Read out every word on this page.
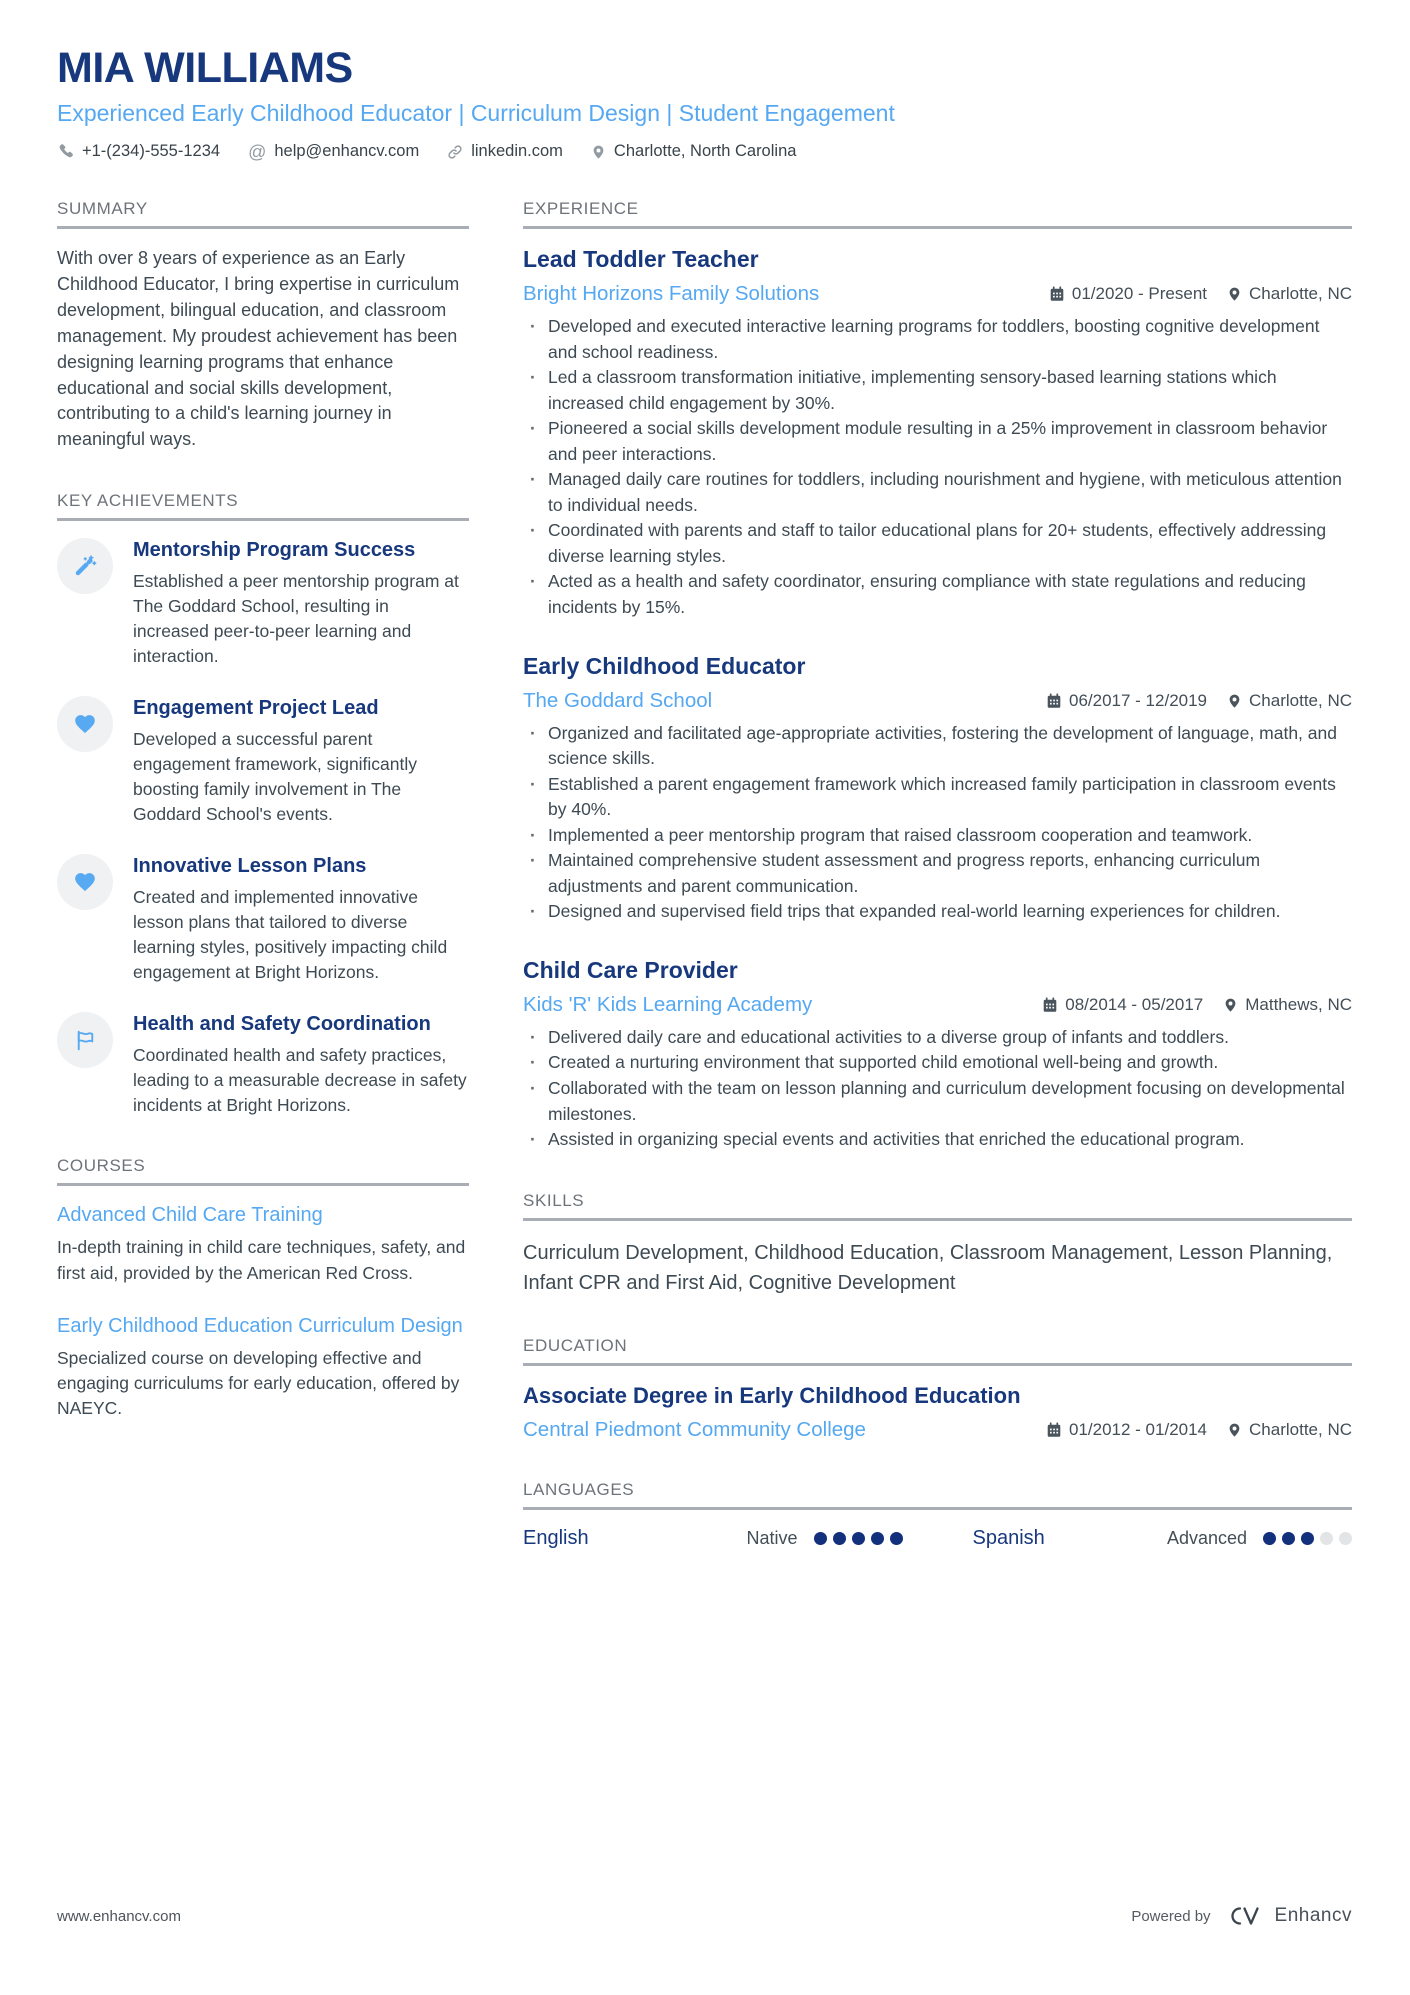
MIA WILLIAMS
Experienced Early Childhood Educator | Curriculum Design | Student Engagement
+1-(234)-555-1234 @ help@enhancv.com	linkedin.com	Charlotte, North Carolina
SUMMARY

With over 8 years of experience as an Early Childhood Educator, I bring expertise in curriculum development, bilingual education, and classroom management. My proudest achievement has been designing learning programs that enhance educational and social skills development, contributing to a child's learning journey in meaningful ways.

KEY ACHIEVEMENTS
Mentorship Program Success
Established a peer mentorship program at The Goddard School, resulting in increased peer-to-peer learning and interaction.
Engagement Project Lead
Developed a successful parent engagement framework, significantly boosting family involvement in The Goddard School's events.
Innovative Lesson Plans
Created and implemented innovative lesson plans that tailored to diverse learning styles, positively impacting child engagement at Bright Horizons.
Health and Safety Coordination
Coordinated health and safety practices, leading to a measurable decrease in safety incidents at Bright Horizons.
COURSES
Advanced Child Care Training
In-depth training in child care techniques, safety, and first aid, provided by the American Red Cross.
Early Childhood Education Curriculum Design
Specialized course on developing effective and engaging curriculums for early education, offered by NAEYC.
EXPERIENCE
Lead Toddler Teacher
Bright Horizons Family Solutions	01/2020 - Present Charlotte, NC
· Developed and executed interactive learning programs for toddlers, boosting cognitive development and school readiness.
· Led a classroom transformation initiative, implementing sensory-based learning stations which increased child engagement by 30%.
· Pioneered a social skills development module resulting in a 25% improvement in classroom behavior and peer interactions.
· Managed daily care routines for toddlers, including nourishment and hygiene, with meticulous attention to individual needs.
· Coordinated with parents and staff to tailor educational plans for 20+ students, effectively addressing diverse learning styles.
· Acted as a health and safety coordinator, ensuring compliance with state regulations and reducing incidents by 15%.
Early Childhood Educator
The Goddard School	06/2017 - 12/2019 Charlotte, NC
· Organized and facilitated age-appropriate activities, fostering the development of language, math, and science skills.
· Established a parent engagement framework which increased family participation in classroom events by 40%.
· Implemented a peer mentorship program that raised classroom cooperation and teamwork.
· Maintained comprehensive student assessment and progress reports, enhancing curriculum adjustments and parent communication.
· Designed and supervised field trips that expanded real-world learning experiences for children.
Child Care Provider
Kids 'R' Kids Learning Academy	08/2014 - 05/2017 Matthews, NC
· Delivered daily care and educational activities to a diverse group of infants and toddlers.
· Created a nurturing environment that supported child emotional well-being and growth.
· Collaborated with the team on lesson planning and curriculum development focusing on developmental milestones.
· Assisted in organizing special events and activities that enriched the educational program.
SKILLS

Curriculum Development, Childhood Education, Classroom Management, Lesson Planning, Infant CPR and First Aid, Cognitive Development

EDUCATION
Associate Degree in Early Childhood Education
Central Piedmont Community College	01/2012 - 01/2014 Charlotte, NC
LANGUAGES
English	Native	Spanish	Advanced
www.enhancv.com	Powered by	Enhancv
